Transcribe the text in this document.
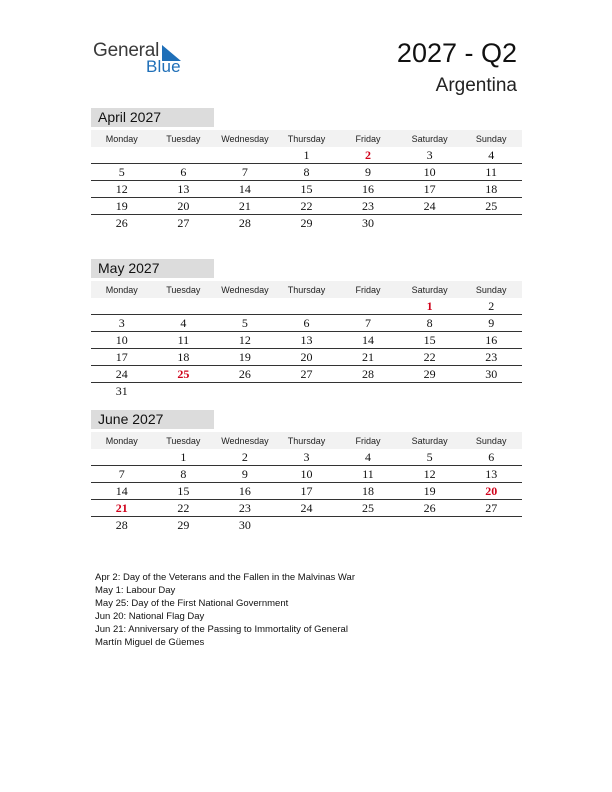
General
Blue	2027 - Q2
Argentina
April 2027
Monday	Tuesday	Wednesday	Thursday	Friday	Saturday	Sunday
			1	2	3	4
5	6	7	8	9	10	11
12	13	14	15	16	17	18
19	20	21	22	23	24	25
26	27	28	29	30		
May 2027
Monday	Tuesday	Wednesday	Thursday	Friday	Saturday	Sunday
					1	2
3	4	5	6	7	8	9
10	11	12	13	14	15	16
17	18	19	20	21	22	23
24	25	26	27	28	29	30
31						
June 2027
Monday	Tuesday	Wednesday	Thursday	Friday	Saturday	Sunday
	1	2	3	4	5	6
7	8	9	10	11	12	13
14	15	16	17	18	19	20
21	22	23	24	25	26	27
28	29	30				
Apr 2: Day of the Veterans and the Fallen in the Malvinas War
May 1: Labour Day
May 25: Day of the First National Government
Jun 20: National Flag Day
Jun 21: Anniversary of the Passing to Immortality of General
Martín Miguel de Güemes
